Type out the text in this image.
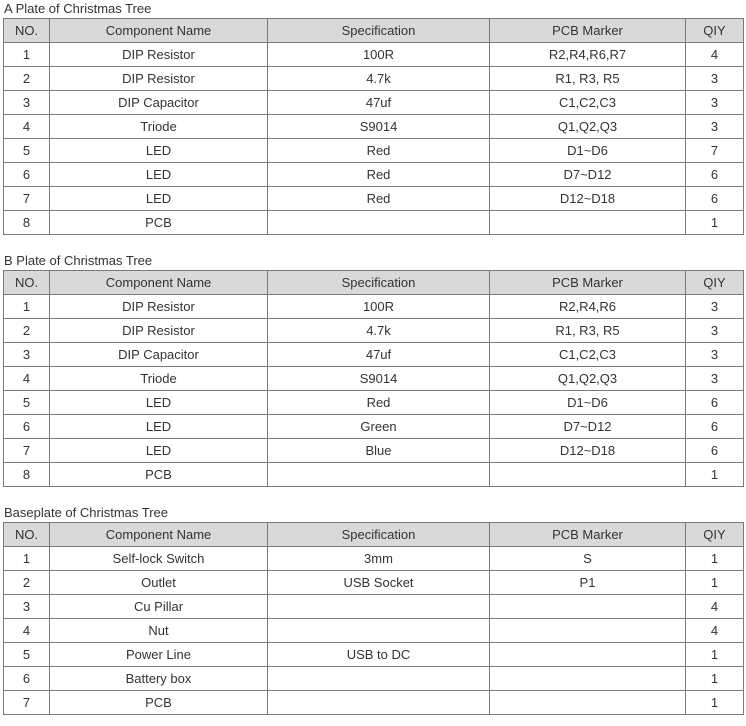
A Plate of Christmas Tree
NO.	Component Name	Specification	PCB Marker	QIY
1	DIP Resistor	100R	R2,R4,R6,R7	4
2	DIP Resistor	4.7k	R1, R3, R5	3
3	DIP Capacitor	47uf	C1,C2,C3	3
4	Triode	S9014	Q1,Q2,Q3	3
5	LED	Red	D1~D6	7
6	LED	Red	D7~D12	6
7	LED	Red	D12~D18	6
8	PCB			1
B Plate of Christmas Tree
NO.	Component Name	Specification	PCB Marker	QIY
1	DIP Resistor	100R	R2,R4,R6	3
2	DIP Resistor	4.7k	R1, R3, R5	3
3	DIP Capacitor	47uf	C1,C2,C3	3
4	Triode	S9014	Q1,Q2,Q3	3
5	LED	Red	D1~D6	6
6	LED	Green	D7~D12	6
7	LED	Blue	D12~D18	6
8	PCB			1
Baseplate of Christmas Tree
NO.	Component Name	Specification	PCB Marker	QIY
1	Self-lock Switch	3mm	S	1
2	Outlet	USB Socket	P1	1
3	Cu Pillar			4
4	Nut			4
5	Power Line	USB to DC		1
6	Battery box			1
7	PCB			1
